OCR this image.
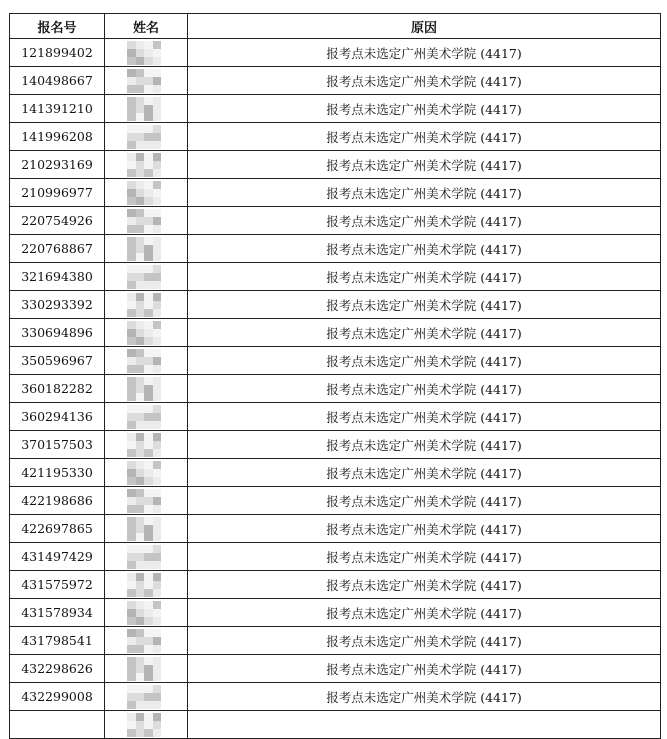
报名号	姓名	原因
121899402		报考点未选定广州美术学院 (4417)
140498667		报考点未选定广州美术学院 (4417)
141391210		报考点未选定广州美术学院 (4417)
141996208		报考点未选定广州美术学院 (4417)
210293169		报考点未选定广州美术学院 (4417)
210996977		报考点未选定广州美术学院 (4417)
220754926		报考点未选定广州美术学院 (4417)
220768867		报考点未选定广州美术学院 (4417)
321694380		报考点未选定广州美术学院 (4417)
330293392		报考点未选定广州美术学院 (4417)
330694896		报考点未选定广州美术学院 (4417)
350596967		报考点未选定广州美术学院 (4417)
360182282		报考点未选定广州美术学院 (4417)
360294136		报考点未选定广州美术学院 (4417)
370157503		报考点未选定广州美术学院 (4417)
421195330		报考点未选定广州美术学院 (4417)
422198686		报考点未选定广州美术学院 (4417)
422697865		报考点未选定广州美术学院 (4417)
431497429		报考点未选定广州美术学院 (4417)
431575972		报考点未选定广州美术学院 (4417)
431578934		报考点未选定广州美术学院 (4417)
431798541		报考点未选定广州美术学院 (4417)
432298626		报考点未选定广州美术学院 (4417)
432299008		报考点未选定广州美术学院 (4417)
